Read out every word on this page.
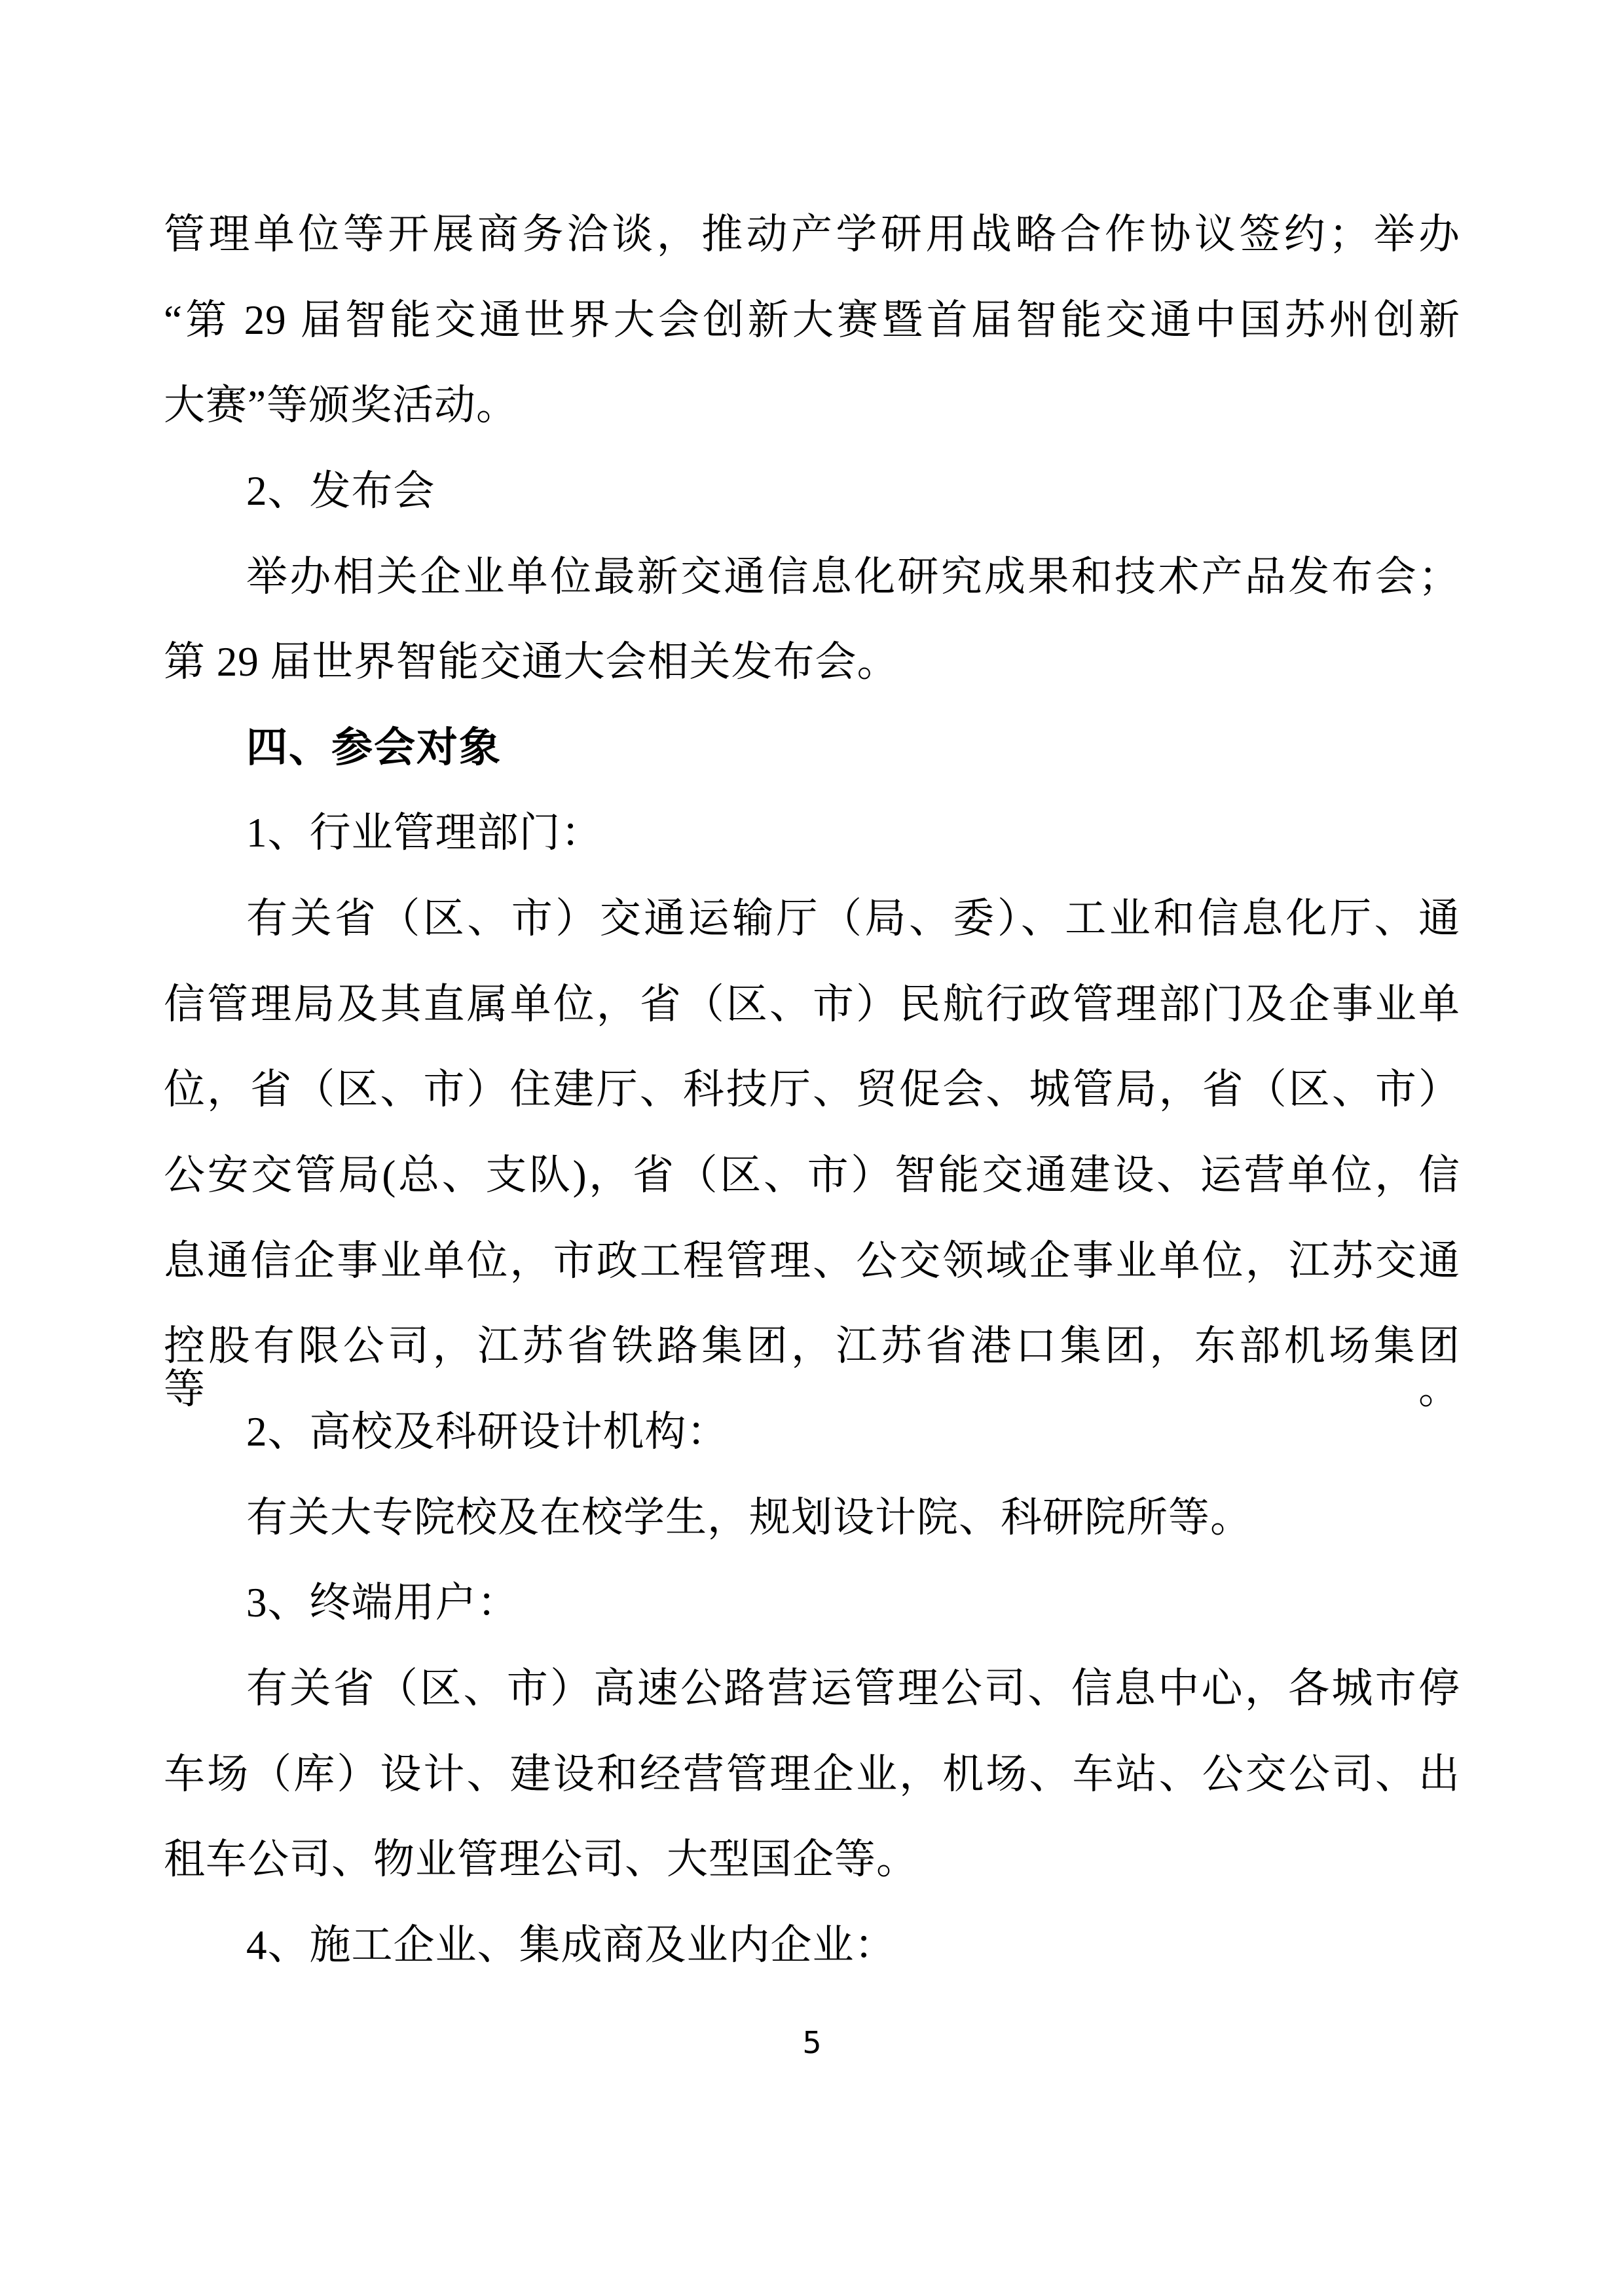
管理单位等开展商务洽谈，推动产学研用战略合作协议签约；举办
“第 29 届智能交通世界大会创新大赛暨首届智能交通中国苏州创新
大赛”等颁奖活动。
2、发布会
举办相关企业单位最新交通信息化研究成果和技术产品发布会；
第 29 届世界智能交通大会相关发布会。
四、参会对象
1、行业管理部门：
有关省（区、市）交通运输厅（局、委）、工业和信息化厅、通
信管理局及其直属单位，省（区、市）民航行政管理部门及企事业单
位，省（区、市）住建厅、科技厅、贸促会、城管局，省（区、市）
公安交管局(总、支队)，省（区、市）智能交通建设、运营单位，信
息通信企事业单位，市政工程管理、公交领域企事业单位，江苏交通
控股有限公司，江苏省铁路集团，江苏省港口集团，东部机场集团等。
2、高校及科研设计机构：
有关大专院校及在校学生，规划设计院、科研院所等。
3、终端用户：
有关省（区、市）高速公路营运管理公司、信息中心，各城市停
车场（库）设计、建设和经营管理企业，机场、车站、公交公司、出
租车公司、物业管理公司、大型国企等。
4、施工企业、集成商及业内企业：
5
